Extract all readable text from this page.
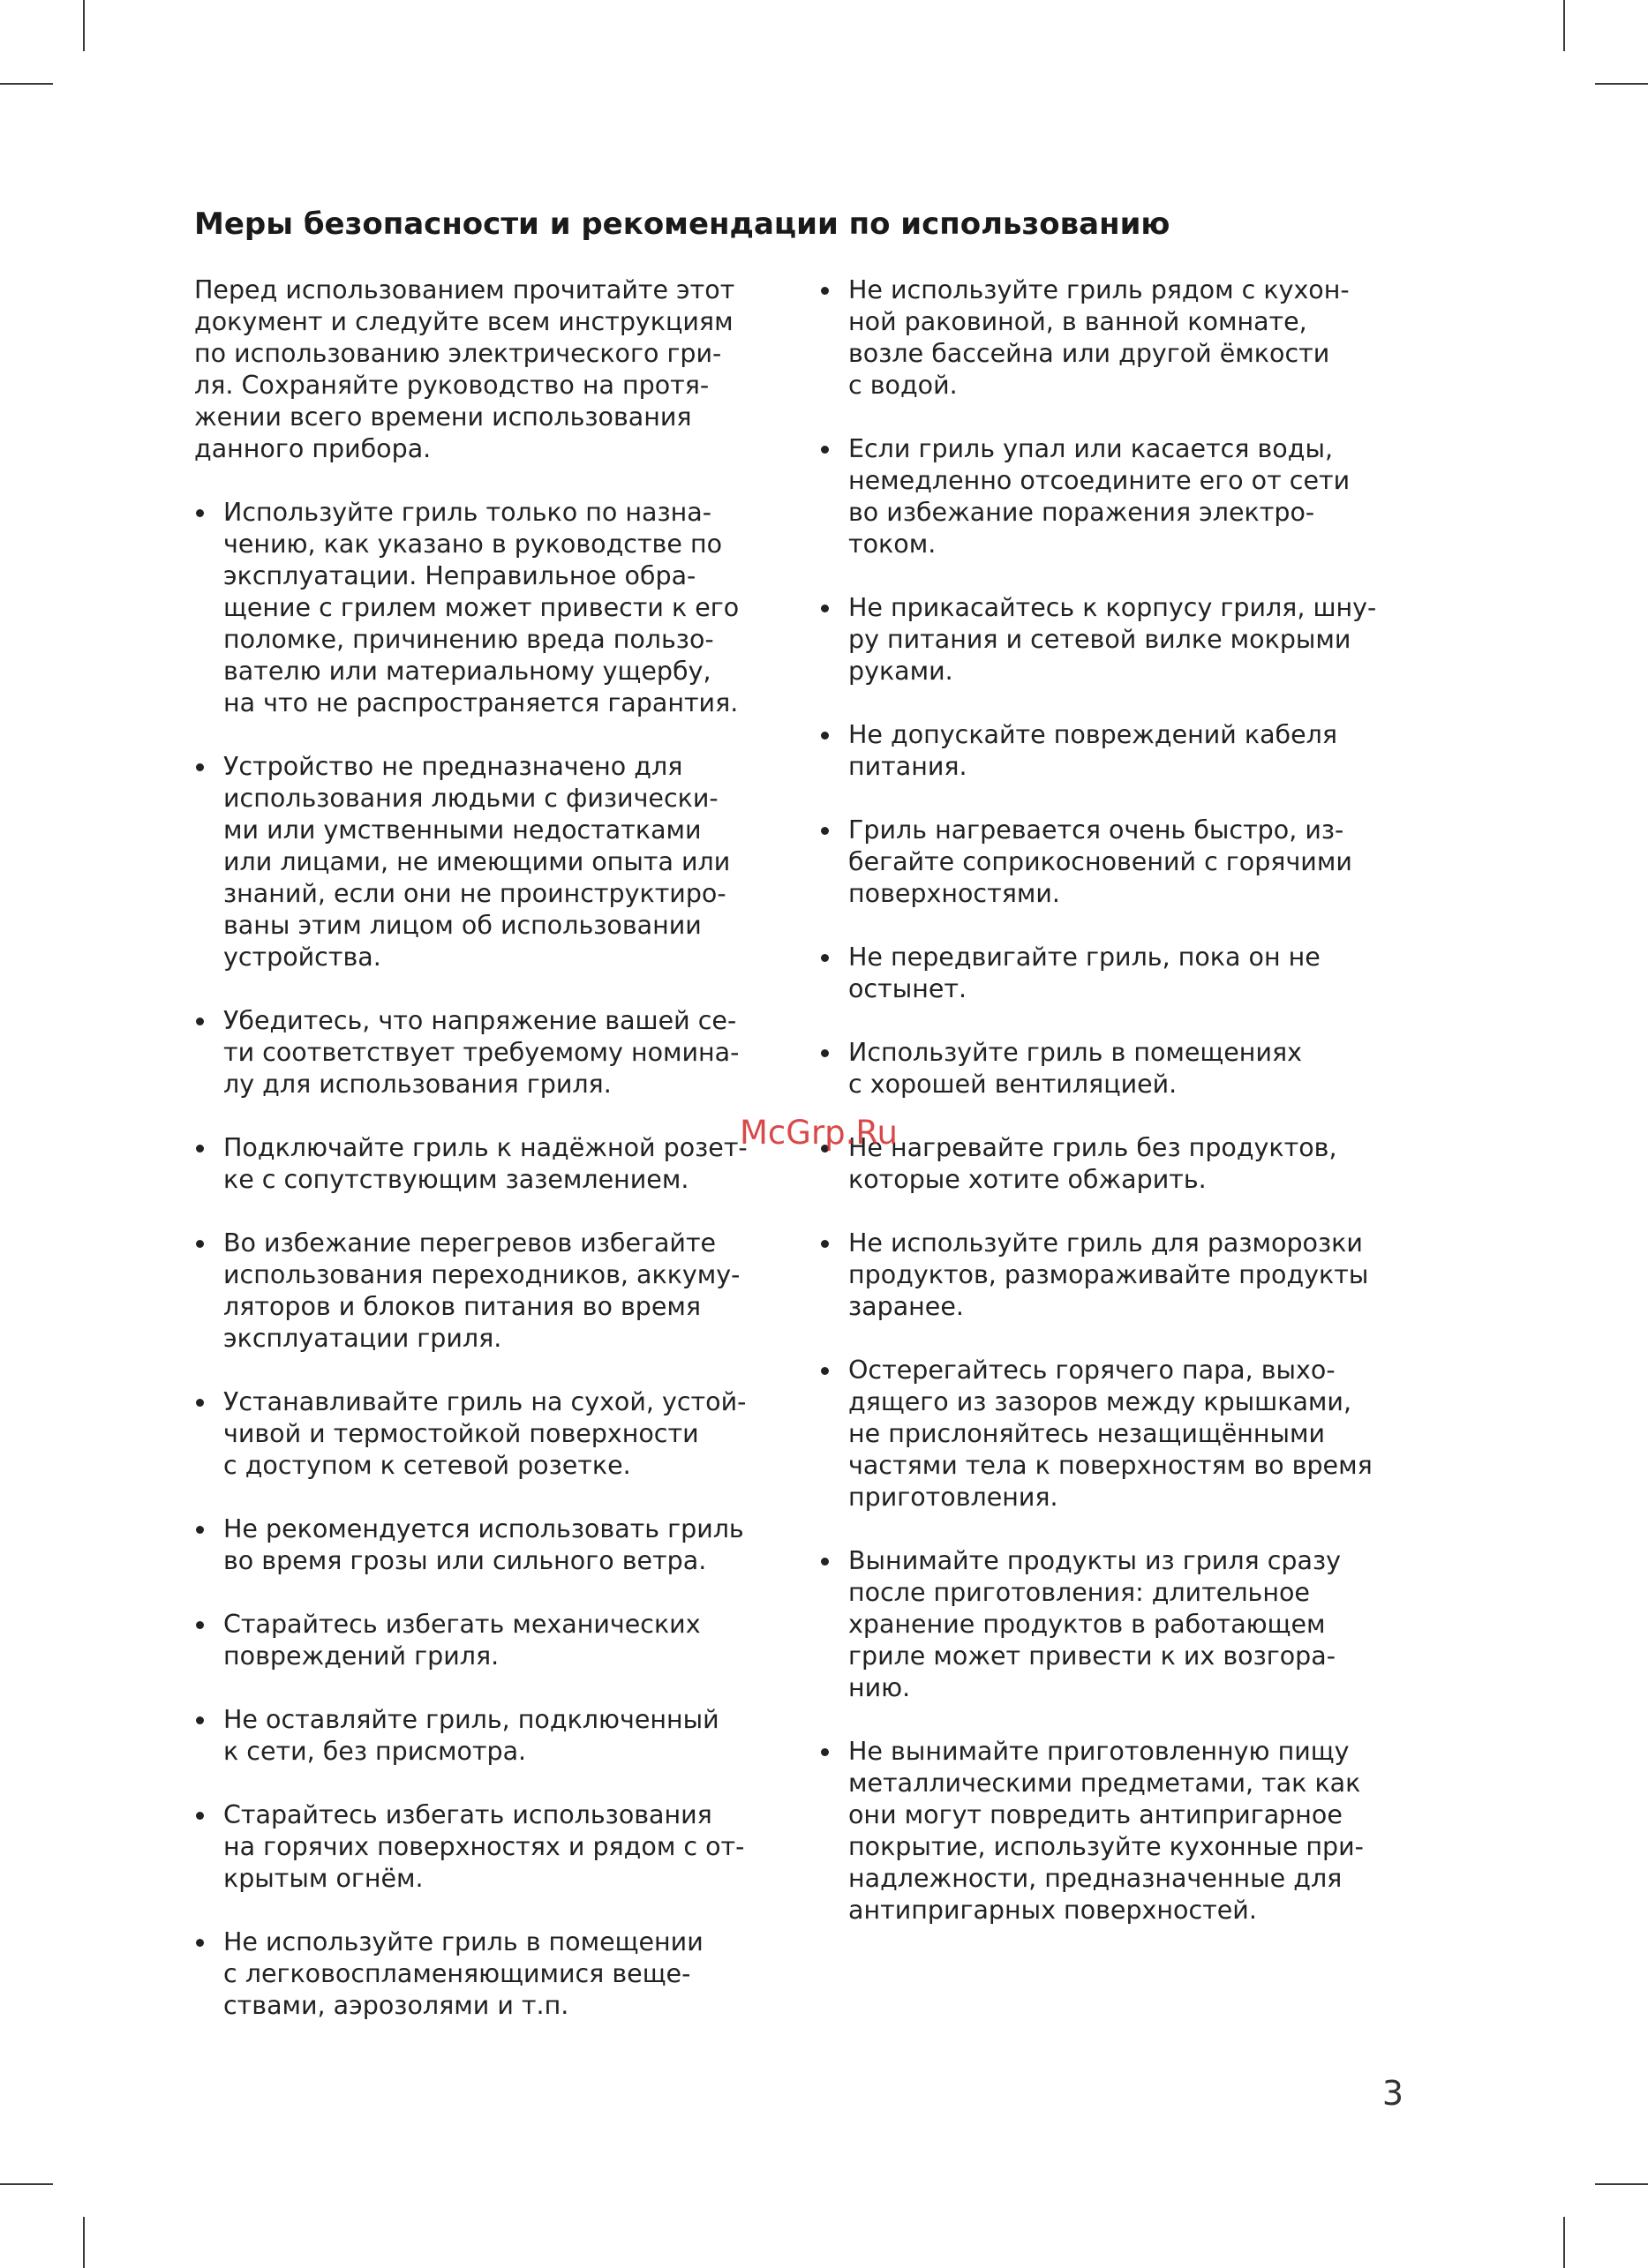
Меры безопасности и рекомендации по использованию

Перед использованием прочитайте этот
документ и следуйте всем инструкциям
по использованию электрического гри-
ля. Сохраняйте руководство на протя-
жении всего времени использования
данного прибора.

Используйте гриль только по назна-
чению, как указано в руководстве по
эксплуатации. Неправильное обра-
щение с грилем может привести к его
поломке, причинению вреда пользо-
вателю или материальному ущербу,
на что не распространяется гарантия.
Устройство не предназначено для
использования людьми с физически-
ми или умственными недостатками
или лицами, не имеющими опыта или
знаний, если они не проинструктиро-
ваны этим лицом об использовании
устройства.
Убедитесь, что напряжение вашей се-
ти соответствует требуемому номина-
лу для использования гриля.
Подключайте гриль к надёжной розет-
ке с сопутствующим заземлением.
Во избежание перегревов избегайте
использования переходников, аккуму-
ляторов и блоков питания во время
эксплуатации гриля.
Устанавливайте гриль на сухой, устой-
чивой и термостойкой поверхности
с доступом к сетевой розетке.
Не рекомендуется использовать гриль
во время грозы или сильного ветра.
Старайтесь избегать механических
повреждений гриля.
Не оставляйте гриль, подключенный
к сети, без присмотра.
Старайтесь избегать использования
на горячих поверхностях и рядом с от-
крытым огнём.
Не используйте гриль в помещении
с легковоспламеняющимися веще-
ствами, аэрозолями и т.п.
Не используйте гриль рядом с кухон-
ной раковиной, в ванной комнате,
возле бассейна или другой ёмкости
с водой.
Если гриль упал или касается воды,
немедленно отсоедините его от сети
во избежание поражения электро-
током.
Не прикасайтесь к корпусу гриля, шну-
ру питания и сетевой вилке мокрыми
руками.
Не допускайте повреждений кабеля
питания.
Гриль нагревается очень быстро, из-
бегайте соприкосновений с горячими
поверхностями.
Не передвигайте гриль, пока он не
остынет.
Используйте гриль в помещениях
с хорошей вентиляцией.
Не нагревайте гриль без продуктов,
которые хотите обжарить.
Не используйте гриль для разморозки
продуктов, размораживайте продукты
заранее.
Остерегайтесь горячего пара, выхо-
дящего из зазоров между крышками,
не прислоняйтесь незащищёнными
частями тела к поверхностям во время
приготовления.
Вынимайте продукты из гриля сразу
после приготовления: длительное
хранение продуктов в работающем
гриле может привести к их возгора-
нию.
Не вынимайте приготовленную пищу
металлическими предметами, так как
они могут повредить антипригарное
покрытие, используйте кухонные при-
надлежности, предназначенные для
антипригарных поверхностей.
McGrp.Ru
3
